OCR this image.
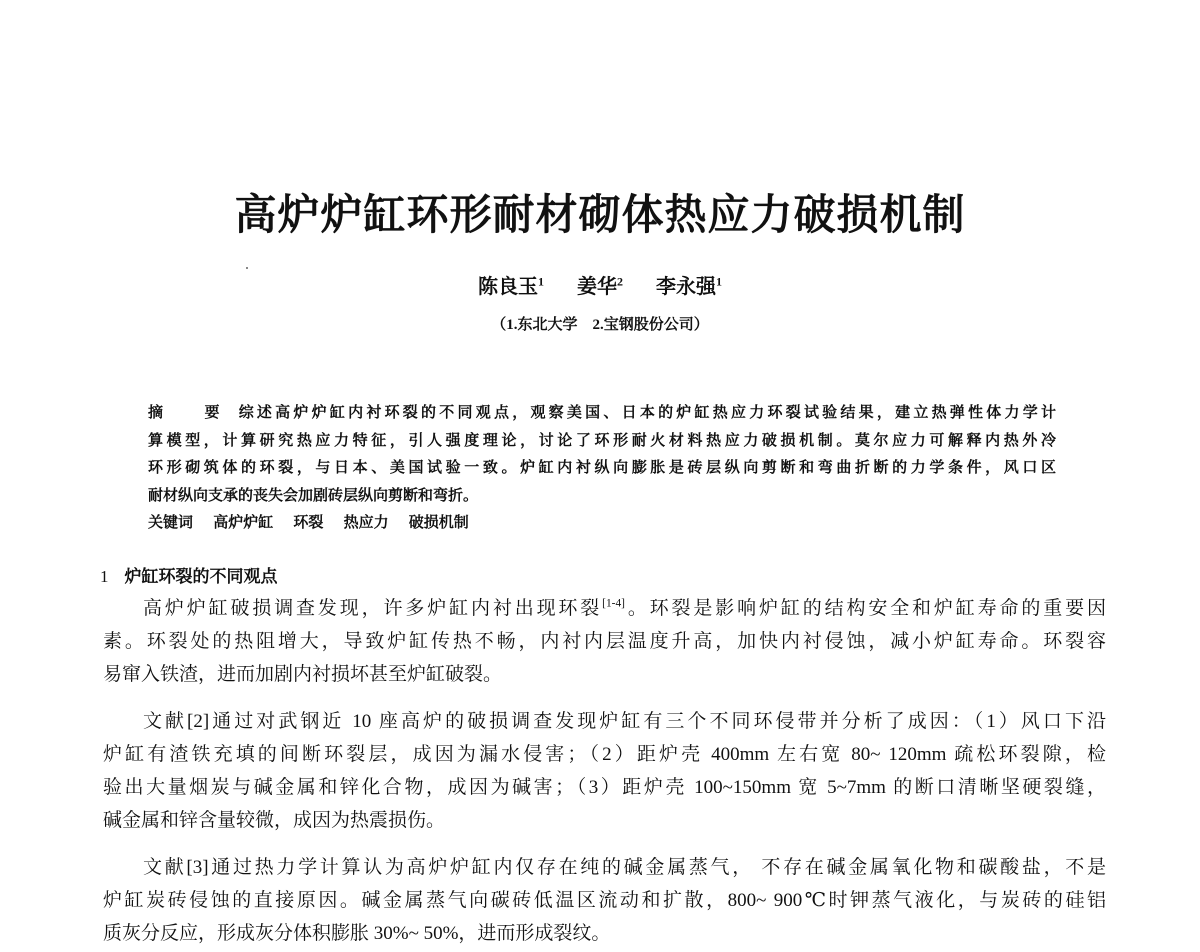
高炉炉缸环形耐材砌体热应力破损机制
陈良玉$^1$ 姜华$^2$ 李永强$^1$
（1.东北大学　2.宝钢股份公司）
摘　要 综述高炉炉缸内衬环裂的不同观点，观察美国、日本的炉缸热应力环裂试验结果，建立热弹性体力学计
算模型，计算研究热应力特征，引人强度理论，讨论了环形耐火材料热应力破损机制。莫尔应力可解释内热外冷
环形砌筑体的环裂，与日本、美国试验一致。炉缸内衬纵向膨胀是砖层纵向剪断和弯曲折断的力学条件，风口区
耐材纵向支承的丧失会加剧砖层纵向剪断和弯折。
关键词 高炉炉缸 环裂 热应力 破损机制
1 炉缸环裂的不同观点
高炉炉缸破损调查发现，许多炉缸内衬出现环裂[1-4]。环裂是影响炉缸的结构安全和炉缸寿命的重要因
素。环裂处的热阻增大，导致炉缸传热不畅，内衬内层温度升高，加快内衬侵蚀，减小炉缸寿命。环裂容
易窜入铁渣，进而加剧内衬损坏甚至炉缸破裂。
文献[2]通过对武钢近 10 座高炉的破损调查发现炉缸有三个不同环侵带并分析了成因：（1）风口下沿
炉缸有渣铁充填的间断环裂层，成因为漏水侵害；（2）距炉壳 400mm 左右宽 80~ 120mm 疏松环裂隙，检
验出大量烟炭与碱金属和锌化合物，成因为碱害；（3）距炉壳 100~150mm 宽 5~7mm 的断口清晰坚硬裂缝，
碱金属和锌含量较微，成因为热震损伤。
文献[3]通过热力学计算认为高炉炉缸内仅存在纯的碱金属蒸气， 不存在碱金属氧化物和碳酸盐，不是
炉缸炭砖侵蚀的直接原因。碱金属蒸气向碳砖低温区流动和扩散，800~ 900℃时钾蒸气液化，与炭砖的硅铝
质灰分反应，形成灰分体积膨胀 30%~ 50%，进而形成裂纹。
